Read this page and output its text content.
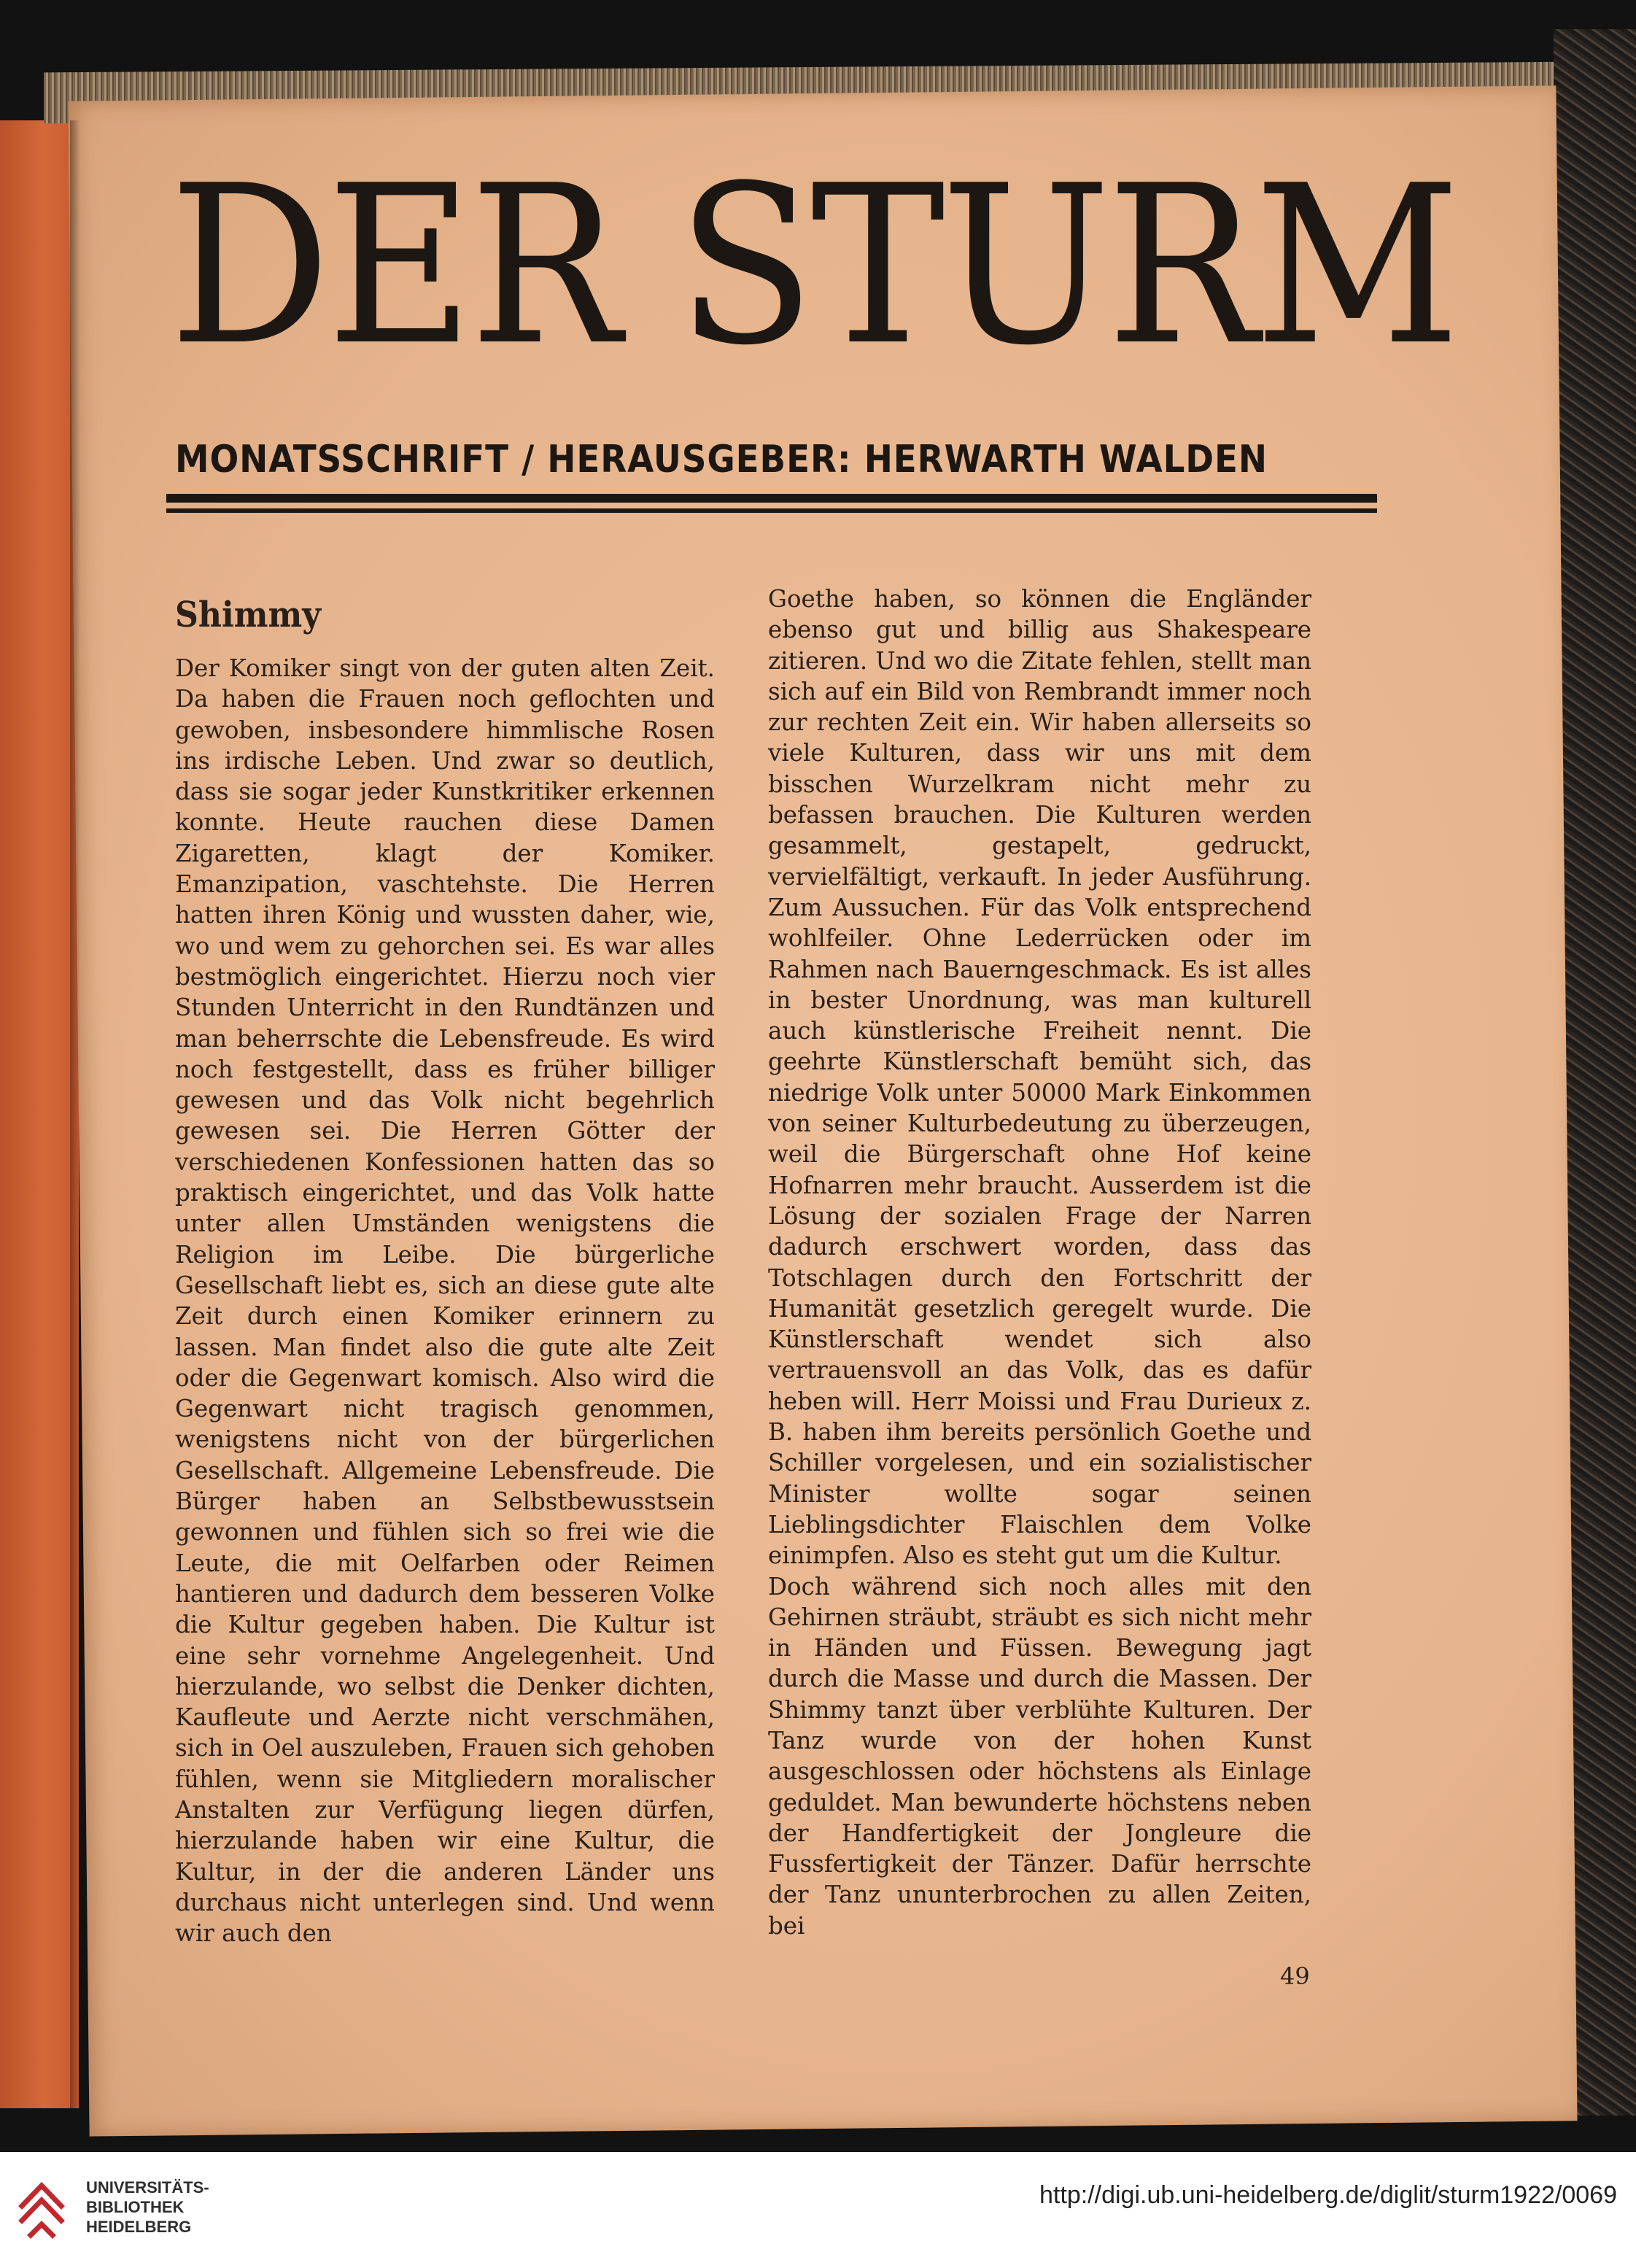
DER STURM
MONATSSCHRIFT / HERAUSGEBER: HERWARTH WALDEN
Shimmy

Der Komiker singt von der guten alten Zeit. Da haben die Frauen noch geflochten und gewoben, insbesondere himmlische Rosen ins irdische Leben. Und zwar so deutlich, dass sie sogar jeder Kunstkritiker erkennen konnte. Heute rauchen diese Damen Zigaretten, klagt der Komiker. Emanzipation, vaschtehste. Die Herren hatten ihren König und wussten daher, wie, wo und wem zu gehorchen sei. Es war alles bestmöglich eingerichtet. Hierzu noch vier Stunden Unterricht in den Rundtänzen und man beherrschte die Lebensfreude. Es wird noch festgestellt, dass es früher billiger gewesen und das Volk nicht begehrlich gewesen sei. Die Herren Götter der verschiedenen Konfessionen hatten das so praktisch eingerichtet, und das Volk hatte unter allen Umständen wenigstens die Religion im Leibe. Die bürgerliche Gesellschaft liebt es, sich an diese gute alte Zeit durch einen Komiker erinnern zu lassen. Man findet also die gute alte Zeit oder die Gegenwart komisch. Also wird die Gegenwart nicht tragisch genommen, wenigstens nicht von der bürgerlichen Gesellschaft. Allgemeine Lebensfreude. Die Bürger haben an Selbstbewusstsein gewonnen und fühlen sich so frei wie die Leute, die mit Oelfarben oder Reimen hantieren und dadurch dem besseren Volke die Kultur gegeben haben. Die Kultur ist eine sehr vornehme Angelegenheit. Und hierzulande, wo selbst die Denker dichten, Kaufleute und Aerzte nicht verschmähen, sich in Oel auszuleben, Frauen sich gehoben fühlen, wenn sie Mitgliedern moralischer Anstalten zur Verfügung liegen dürfen, hierzulande haben wir eine Kultur, die Kultur, in der die anderen Länder uns durchaus nicht unterlegen sind. Und wenn wir auch den

Goethe haben, so können die Engländer ebenso gut und billig aus Shakespeare zitieren. Und wo die Zitate fehlen, stellt man sich auf ein Bild von Rembrandt immer noch zur rechten Zeit ein. Wir haben allerseits so viele Kulturen, dass wir uns mit dem bisschen Wurzelkram nicht mehr zu befassen brauchen. Die Kulturen werden gesammelt, gestapelt, gedruckt, vervielfältigt, verkauft. In jeder Ausführung. Zum Aussuchen. Für das Volk entsprechend wohlfeiler. Ohne Lederrücken oder im Rahmen nach Bauerngeschmack. Es ist alles in bester Unordnung, was man kulturell auch künstlerische Freiheit nennt. Die geehrte Künstlerschaft bemüht sich, das niedrige Volk unter 50000 Mark Einkommen von seiner Kulturbedeutung zu überzeugen, weil die Bürgerschaft ohne Hof keine Hofnarren mehr braucht. Ausserdem ist die Lösung der sozialen Frage der Narren dadurch erschwert worden, dass das Totschlagen durch den Fortschritt der Humanität gesetzlich geregelt wurde. Die Künstlerschaft wendet sich also vertrauensvoll an das Volk, das es dafür heben will. Herr Moissi und Frau Durieux z. B. haben ihm bereits persönlich Goethe und Schiller vorgelesen, und ein sozialistischer Minister wollte sogar seinen Lieblingsdichter Flaischlen dem Volke einimpfen. Also es steht gut um die Kultur.

Doch während sich noch alles mit den Gehirnen sträubt, sträubt es sich nicht mehr in Händen und Füssen. Bewegung jagt durch die Masse und durch die Massen. Der Shimmy tanzt über verblühte Kulturen. Der Tanz wurde von der hohen Kunst ausgeschlossen oder höchstens als Einlage geduldet. Man bewunderte höchstens neben der Handfertigkeit der Jongleure die Fussfertigkeit der Tänzer. Dafür herrschte der Tanz ununterbrochen zu allen Zeiten, bei

49
UNIVERSITÄTS-
BIBLIOTHEK
HEIDELBERG
http://digi.ub.uni-heidelberg.de/diglit/sturm1922/0069
